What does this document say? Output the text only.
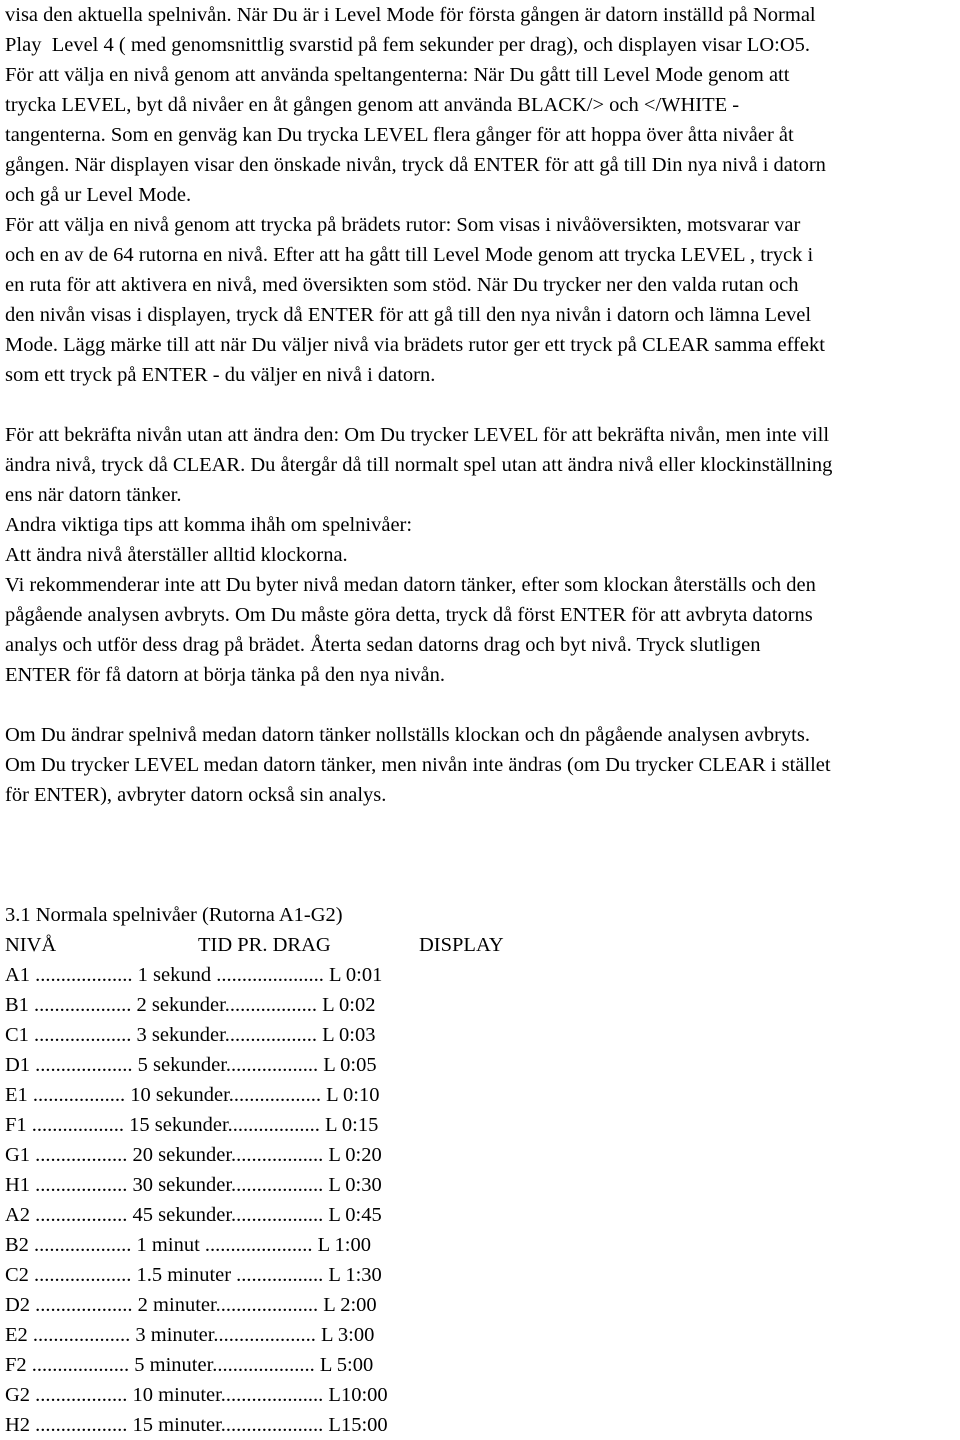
visa den aktuella spelnivån. När Du är i Level Mode för första gången är datorn inställd på Normal
Play  Level 4 ( med genomsnittlig svarstid på fem sekunder per drag), och displayen visar LO:O5.
För att välja en nivå genom att använda speltangenterna: När Du gått till Level Mode genom att
trycka LEVEL, byt då nivåer en åt gången genom att använda BLACK/> och </WHITE -
tangenterna. Som en genväg kan Du trycka LEVEL flera gånger för att hoppa över åtta nivåer åt
gången. När displayen visar den önskade nivån, tryck då ENTER för att gå till Din nya nivå i datorn
och gå ur Level Mode.
För att välja en nivå genom att trycka på brädets rutor: Som visas i nivåöversikten, motsvarar var
och en av de 64 rutorna en nivå. Efter att ha gått till Level Mode genom att trycka LEVEL , tryck i
en ruta för att aktivera en nivå, med översikten som stöd. När Du trycker ner den valda rutan och
den nivån visas i displayen, tryck då ENTER för att gå till den nya nivån i datorn och lämna Level
Mode. Lägg märke till att när Du väljer nivå via brädets rutor ger ett tryck på CLEAR samma effekt
som ett tryck på ENTER - du väljer en nivå i datorn.
För att bekräfta nivån utan att ändra den: Om Du trycker LEVEL för att bekräfta nivån, men inte vill
ändra nivå, tryck då CLEAR. Du återgår då till normalt spel utan att ändra nivå eller klockinställning
ens när datorn tänker.
Andra viktiga tips att komma ihåh om spelnivåer:
Att ändra nivå återställer alltid klockorna.
Vi rekommenderar inte att Du byter nivå medan datorn tänker, efter som klockan återställs och den
pågående analysen avbryts. Om Du måste göra detta, tryck då först ENTER för att avbryta datorns
analys och utför dess drag på brädet. Återta sedan datorns drag och byt nivå. Tryck slutligen
ENTER för få datorn at börja tänka på den nya nivån.
Om Du ändrar spelnivå medan datorn tänker nollställs klockan och dn pågående analysen avbryts.
Om Du trycker LEVEL medan datorn tänker, men nivån inte ändras (om Du trycker CLEAR i stället
för ENTER), avbryter datorn också sin analys.
3.1 Normala spelnivåer (Rutorna A1-G2)

NIVÅ

	TID PR. DRAG

	DISPLAY

A1 ................... 1 sekund ..................... L 0:01
B1 ................... 2 sekunder.................. L 0:02
C1 ................... 3 sekunder.................. L 0:03
D1 ................... 5 sekunder.................. L 0:05
E1 .................. 10 sekunder.................. L 0:10
F1 .................. 15 sekunder.................. L 0:15
G1 .................. 20 sekunder.................. L 0:20
H1 .................. 30 sekunder.................. L 0:30
A2 .................. 45 sekunder.................. L 0:45
B2 ................... 1 minut ..................... L 1:00
C2 ................... 1.5 minuter ................. L 1:30
D2 ................... 2 minuter.................... L 2:00
E2 ................... 3 minuter.................... L 3:00
F2 ................... 5 minuter.................... L 5:00
G2 .................. 10 minuter.................... L10:00
H2 .................. 15 minuter.................... L15:00
